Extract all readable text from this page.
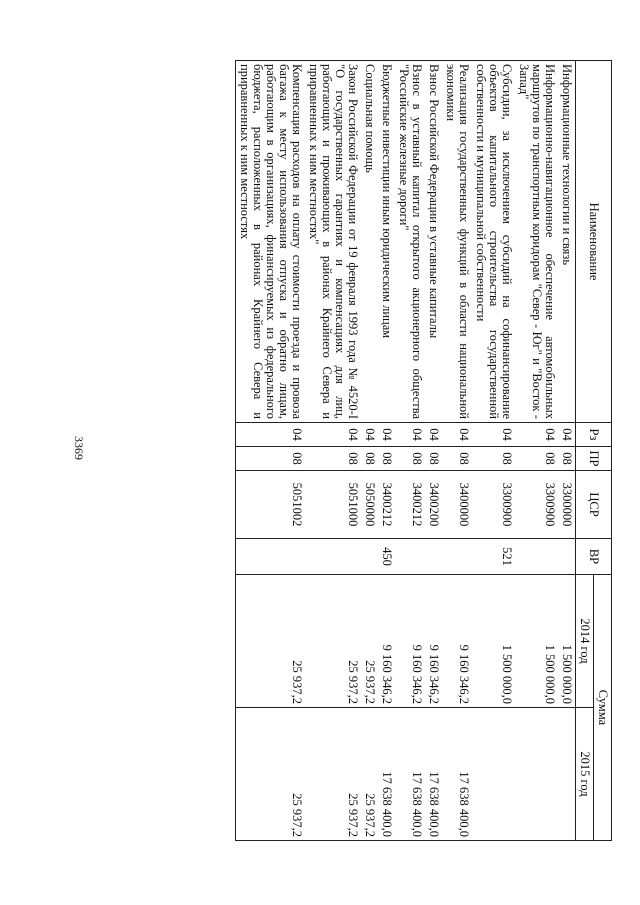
3369
Наименование	Рз	ПР	ЦСР	ВР	Сумма	
					2014 год	2015 год
Информационные технологии и связь	04	08	3300000		1 500 000,0	
Информационно-навигационное обеспечение автомобильных маршрутов по транспортным коридорам "Север - Юг" и "Восток - Запад"	04	08	3300900		1 500 000,0	
Субсидии, за исключением субсидий на софинансирование объектов капитального строительства государственной собственности и муниципальной собственности	04	08	3300900	521	1 500 000,0	
Реализация государственных функций в области национальной экономики	04	08	3400000		9 160 346,2	17 638 400,0
Взнос Российской Федерации в уставные капиталы	04	08	3400200		9 160 346,2	17 638 400,0
Взнос в уставный капитал открытого акционерного общества "Российские железные дороги"	04	08	3400212		9 160 346,2	17 638 400,0
Бюджетные инвестиции иным юридическим лицам	04	08	3400212	450	9 160 346,2	17 638 400,0
Социальная помощь	04	08	5050000		25 937,2	25 937,2
Закон Российской Федерации от 19 февраля 1993 года № 4520-I "О государственных гарантиях и компенсациях для лиц, работающих и проживающих в районах Крайнего Севера и приравненных к ним местностях"	04	08	5051000		25 937,2	25 937,2
Компенсация расходов на оплату стоимости проезда и провоза багажа к месту использования отпуска и обратно лицам, работающим в организациях, финансируемых из федерального бюджета, расположенных в районах Крайнего Севера и приравненных к ним местностях	04	08	5051002		25 937,2	25 937,2
